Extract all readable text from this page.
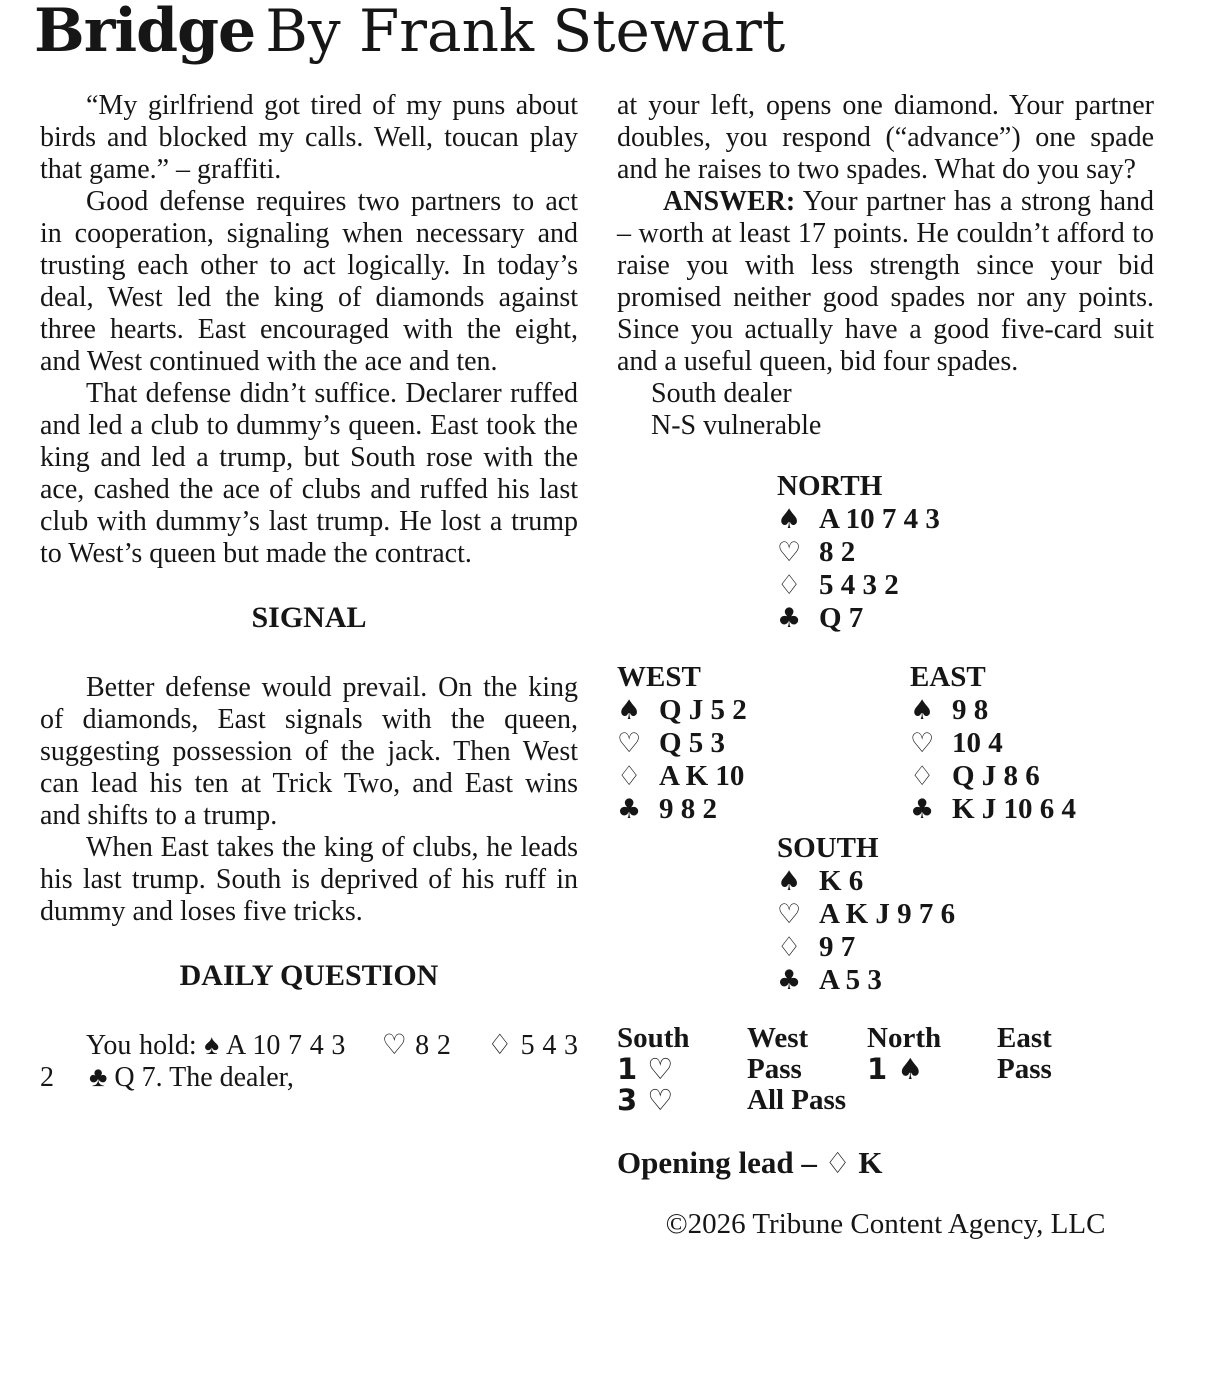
Bridge By Frank Stewart

“My girlfriend got tired of my puns about birds and blocked my calls. Well, toucan play that game.” – graffiti.

Good defense requires two partners to act in cooperation, signaling when necessary and trusting each other to act logically. In today’s deal, West led the king of diamonds against three hearts. East encouraged with the eight, and West continued with the ace and ten.

That defense didn’t suffice. Declarer ruffed and led a club to dummy’s queen. East took the king and led a trump, but South rose with the ace, cashed the ace of clubs and ruffed his last club with dummy’s last trump. He lost a trump to West’s queen but made the contract.

SIGNAL

Better defense would prevail. On the king of diamonds, East signals with the queen, suggesting possession of the jack. Then West can lead his ten at Trick Two, and East wins and shifts to a trump.

When East takes the king of clubs, he leads his last trump. South is deprived of his ruff in dummy and loses five tricks.

DAILY QUESTION

You hold: ♠ A 10 7 4 3  ♡ 8 2  ♢ 5 4 3 2  ♣ Q 7. The dealer,

at your left, opens one diamond. Your partner doubles, you respond (“advance”) one spade and he raises to two spades. What do you say?

ANSWER: Your partner has a strong hand – worth at least 17 points. He couldn’t afford to raise you with less strength since your bid promised neither good spades nor any points. Since you actually have a good five-card suit and a useful queen, bid four spades.

South dealer

N-S vulnerable

NORTH
♠ A 10 7 4 3
♡ 8 2
♢ 5 4 3 2
♣ Q 7
WEST
♠ Q J 5 2
♡ Q 5 3
♢ A K 10
♣ 9 8 2
EAST
♠ 9 8
♡ 10 4
♢ Q J 8 6
♣ K J 10 6 4
SOUTH
♠ K 6
♡ A K J 9 7 6
♢ 9 7
♣ A 5 3
South	West	North	East
1 ♡	Pass	1 ♠	Pass
3 ♡	All Pass
Opening lead – ♢ K
©2026 Tribune Content Agency, LLC
